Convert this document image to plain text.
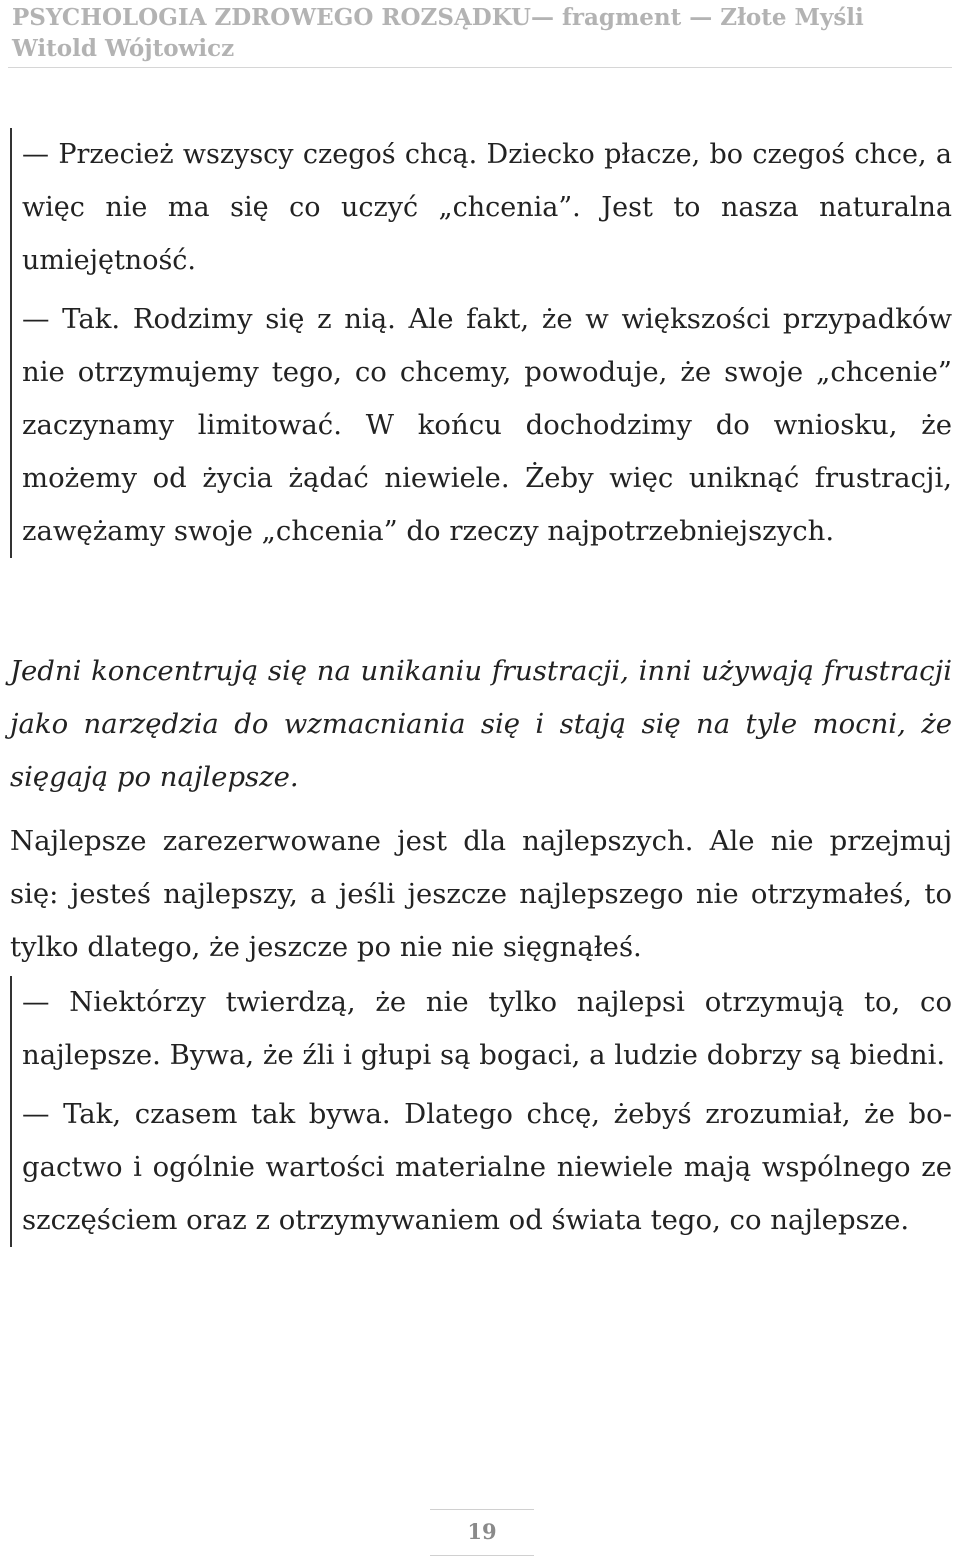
PSYCHOLOGIA ZDROWEGO ROZSĄDKU— fragment — Złote Myśli
Witold Wójtowicz

— Przecież wszyscy czegoś chcą. Dziecko płacze, bo czegoś chce, a więc nie ma się co uczyć „chcenia”. Jest to nasza naturalna umiejętność.

— Tak. Rodzimy się z nią. Ale fakt, że w większości przypadków nie otrzymujemy tego, co chcemy, powoduje, że swoje „chcenie” zaczynamy limitować. W końcu dochodzimy do wniosku, że możemy od życia żądać niewiele. Żeby więc uniknąć frustracji, zawężamy swoje „chcenia” do rzeczy najpotrzebniejszych.

Jedni koncentrują się na unikaniu frustracji, inni używają frustracji jako narzędzia do wzmacniania się i stają się na tyle mocni, że sięgają po najlepsze.

Najlepsze zarezerwowane jest dla najlepszych. Ale nie przejmuj się: jesteś najlepszy, a jeśli jeszcze najlepszego nie otrzymałeś, to tylko dlatego, że jeszcze po nie nie sięgnąłeś.

— Niektórzy twierdzą, że nie tylko najlepsi otrzymują to, co najlepsze. Bywa, że źli i głupi są bogaci, a ludzie dobrzy są biedni.

— Tak, czasem tak bywa. Dlatego chcę, żebyś zrozumiał, że bogactwo i ogólnie wartości materialne niewiele mają wspólnego ze szczęściem oraz z otrzymywaniem od świata tego, co najlepsze.

19
